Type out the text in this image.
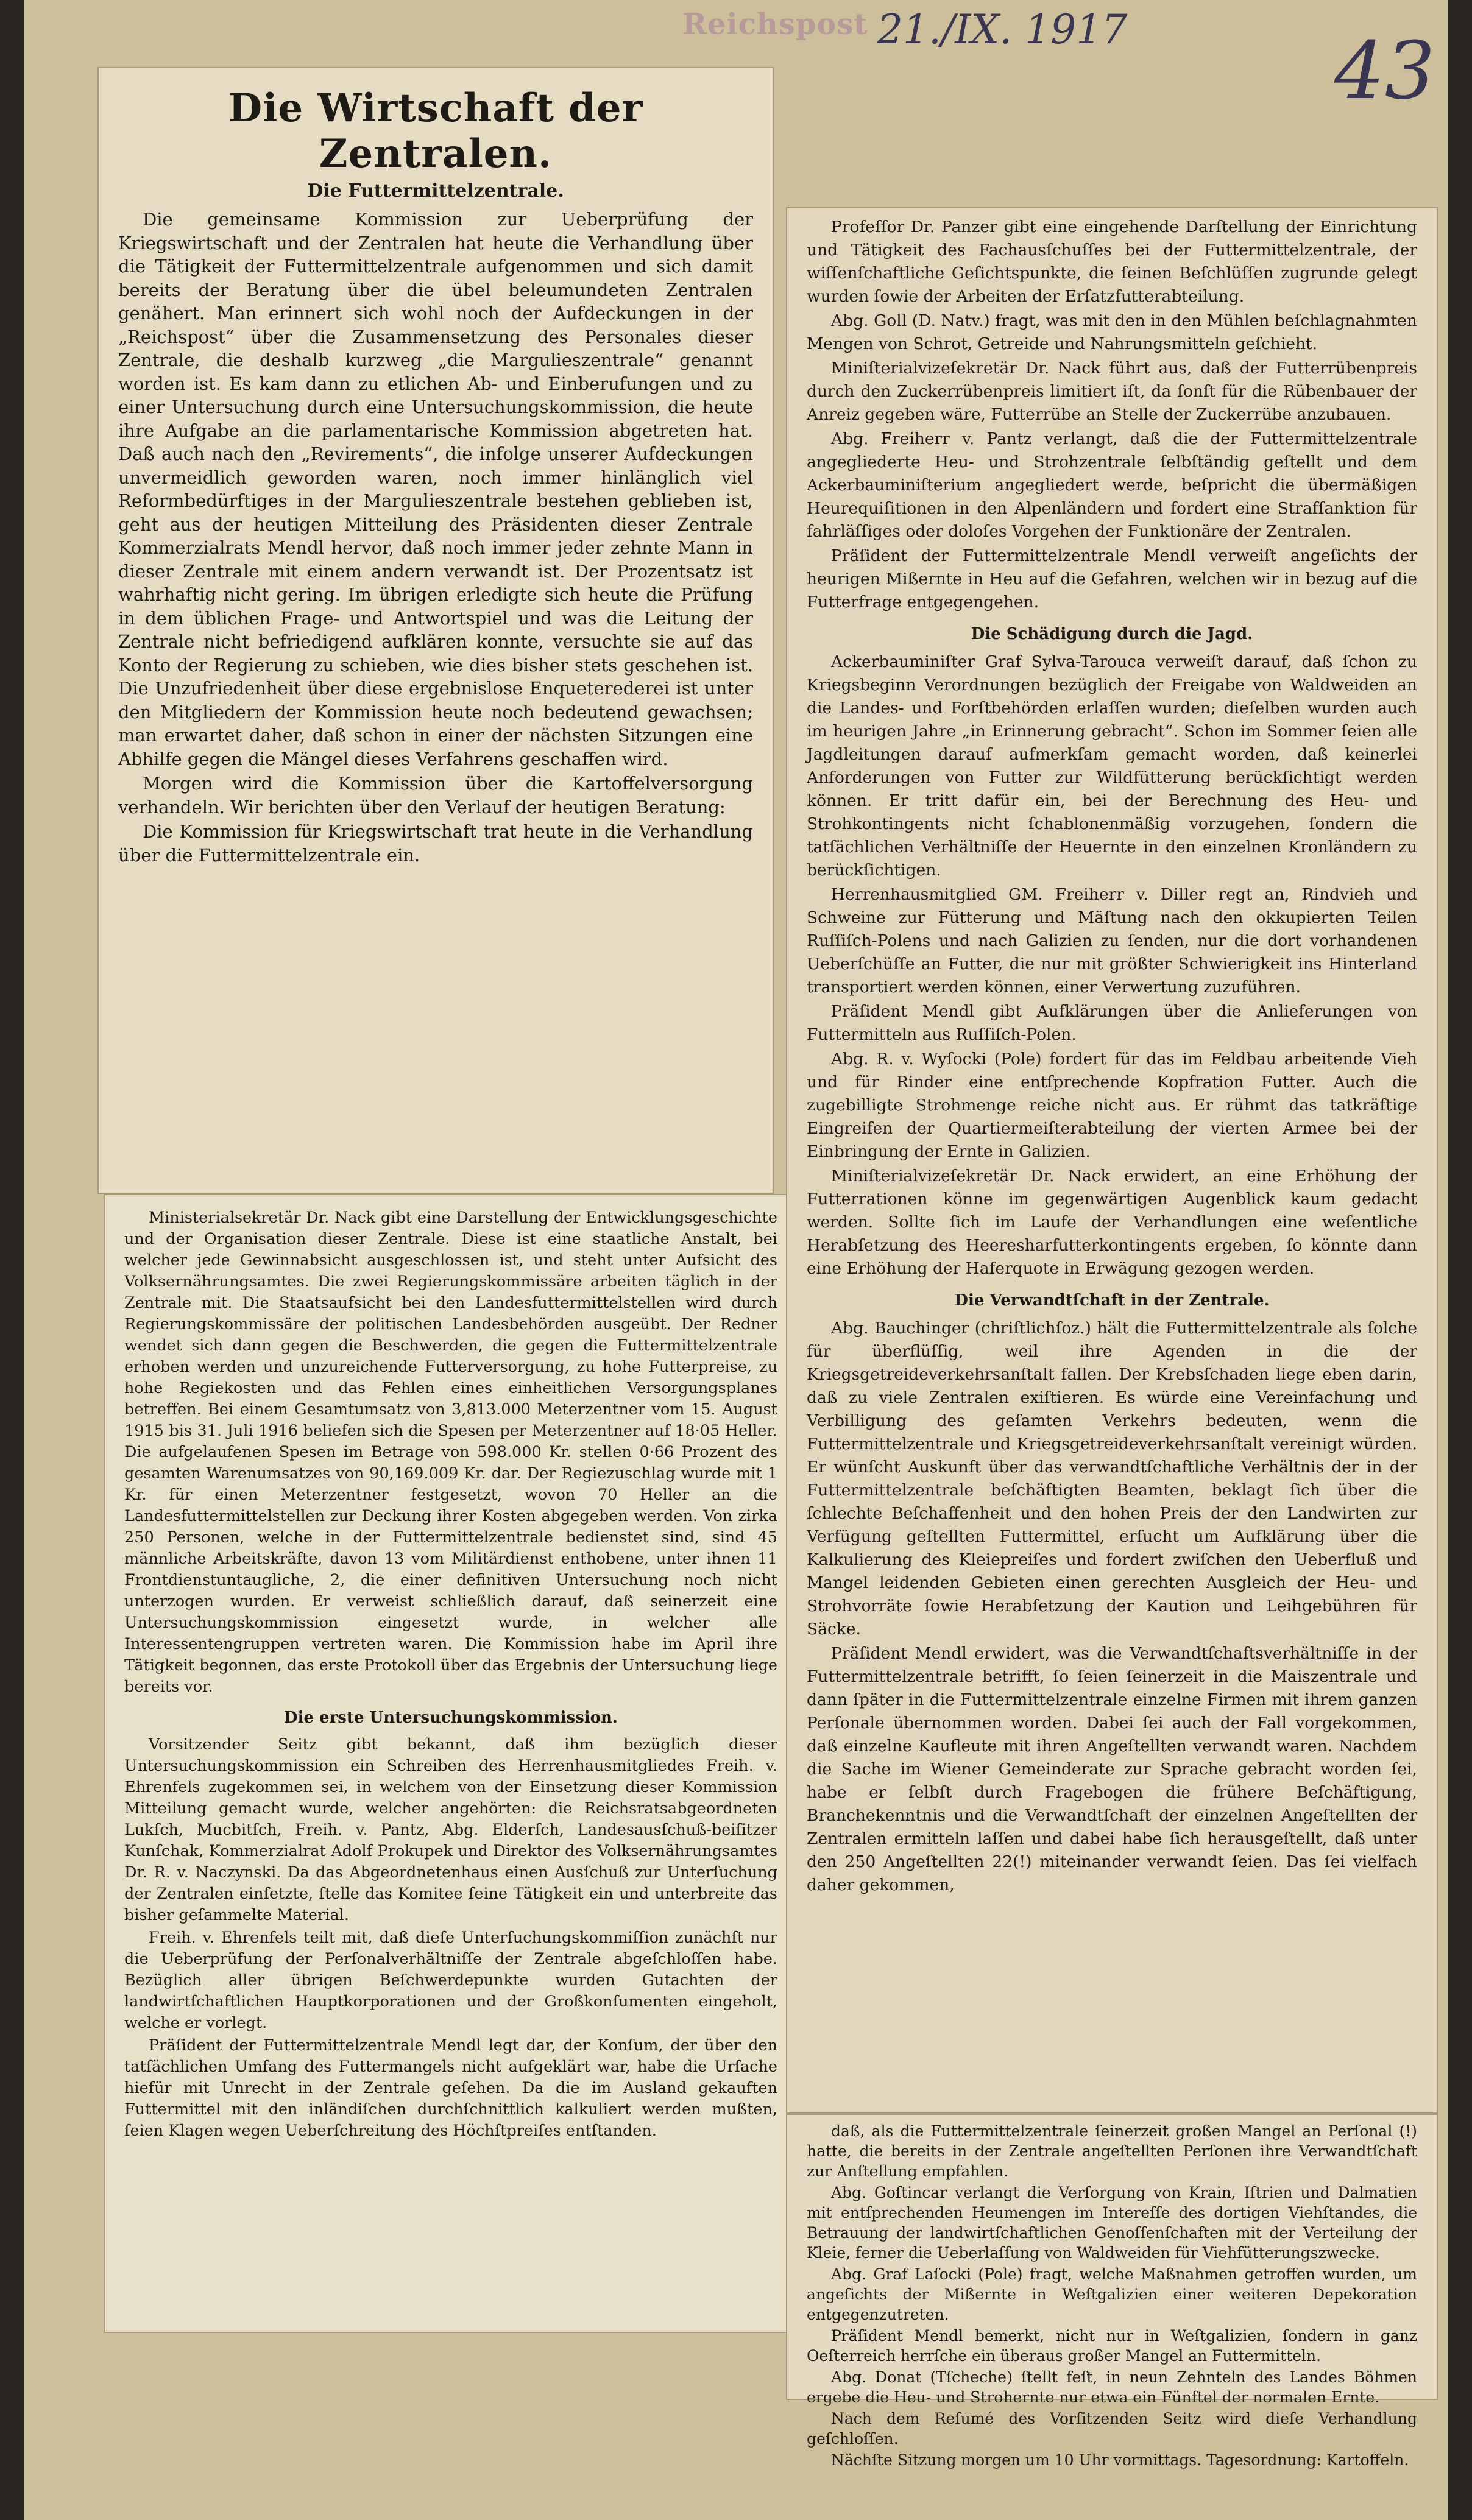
Reichspost 21./IX. 1917	43
Die Wirtschaft der Zentralen.
Die Futtermittelzentrale.

Die gemeinsame Kommission zur Ueberprüfung der Kriegswirtschaft und der Zentralen hat heute die Verhandlung über die Tätigkeit der Futtermittelzentrale aufgenommen und sich damit bereits der Beratung über die übel beleumundeten Zentralen genähert. Man erinnert sich wohl noch der Aufdeckungen in der „Reichspost“ über die Zusammensetzung des Personales dieser Zentrale, die deshalb kurzweg „die Margulieszentrale“ genannt worden ist. Es kam dann zu etlichen Ab- und Einberufungen und zu einer Untersuchung durch eine Untersuchungskommission, die heute ihre Aufgabe an die parlamentarische Kommission abgetreten hat. Daß auch nach den „Revirements“, die infolge unserer Aufdeckungen unvermeidlich geworden waren, noch immer hinlänglich viel Reformbedürftiges in der Margulieszentrale bestehen geblieben ist, geht aus der heutigen Mitteilung des Präsidenten dieser Zentrale Kommerzialrats Mendl hervor, daß noch immer jeder zehnte Mann in dieser Zentrale mit einem andern verwandt ist. Der Prozentsatz ist wahrhaftig nicht gering. Im übrigen erledigte sich heute die Prüfung in dem üblichen Frage- und Antwortspiel und was die Leitung der Zentrale nicht befriedigend aufklären konnte, versuchte sie auf das Konto der Regierung zu schieben, wie dies bisher stets geschehen ist. Die Unzufriedenheit über diese ergebnislose Enqueteredereі ist unter den Mitgliedern der Kommission heute noch bedeutend gewachsen; man erwartet daher, daß schon in einer der nächsten Sitzungen eine Abhilfe gegen die Mängel dieses Verfahrens geschaffen wird.

Morgen wird die Kommission über die Kartoffelversorgung verhandeln. Wir berichten über den Verlauf der heutigen Beratung:

Die Kommission für Kriegswirtschaft trat heute in die Verhandlung über die Futtermittelzentrale ein.

Ministerialsekretär Dr. Nack gibt eine Darstellung der Entwicklungsgeschichte und der Organisation dieser Zentrale. Diese ist eine staatliche Anstalt, bei welcher jede Gewinnabsicht ausgeschlossen ist, und steht unter Aufsicht des Volksernährungsamtes. Die zwei Regierungskommissäre arbeiten täglich in der Zentrale mit. Die Staatsaufsicht bei den Landesfuttermittelstellen wird durch Regierungskommissäre der politischen Landesbehörden ausgeübt. Der Redner wendet sich dann gegen die Beschwerden, die gegen die Futtermittelzentrale erhoben werden und unzureichende Futterversorgung, zu hohe Futterpreise, zu hohe Regiekosten und das Fehlen eines einheitlichen Versorgungsplanes betreffen. Bei einem Gesamtumsatz von 3,813.000 Meterzentner vom 15. August 1915 bis 31. Juli 1916 beliefen sich die Spesen per Meterzentner auf 18·05 Heller. Die aufgelaufenen Spesen im Betrage von 598.000 Kr. stellen 0·66 Prozent des gesamten Warenumsatzes von 90,169.009 Kr. dar. Der Regiezuschlag wurde mit 1 Kr. für einen Meterzentner festgesetzt, wovon 70 Heller an die Landesfuttermittelstellen zur Deckung ihrer Kosten abgegeben werden. Von zirka 250 Personen, welche in der Futtermittelzentrale bedienstet sind, sind 45 männliche Arbeitskräfte, davon 13 vom Militärdienst enthobene, unter ihnen 11 Frontdienstuntaugliche, 2, die einer definitiven Untersuchung noch nicht unterzogen wurden. Er verweist schließlich darauf, daß seinerzeit eine Untersuchungskommission eingesetzt wurde, in welcher alle Interessentengruppen vertreten waren. Die Kommission habe im April ihre Tätigkeit begonnen, das erste Protokoll über das Ergebnis der Untersuchung liege bereits vor.

Die erste Untersuchungskommission.

Vorsitzender Seitz gibt bekannt, daß ihm bezüglich dieser Untersuchungskommission ein Schreiben des Herrenhausmitgliedes Freih. v. Ehrenfels zugekommen sei, in welchem von der Einsetzung dieser Kommission Mitteilung gemacht wurde, welcher angehörten: die Reichsratsabgeordneten Lukſch, Mucbitſch, Freih. v. Pantz, Abg. Elderſch, Landesausſchuß-beiſitzer Kunſchak, Kommerzialrat Adolf Prokupek und Direktor des Volksernährungsamtes Dr. R. v. Naczynski. Da das Abgeordnetenhaus einen Ausſchuß zur Unterſuchung der Zentralen einſetzte, ſtelle das Komitee ſeine Tätigkeit ein und unterbreite das bisher geſammelte Material.

Freih. v. Ehrenfels teilt mit, daß dieſe Unterſuchungskommiſſion zunächſt nur die Ueberprüfung der Perſonalverhältniſſe der Zentrale abgeſchloſſen habe. Bezüglich aller übrigen Beſchwerdepunkte wurden Gutachten der landwirtſchaftlichen Hauptkorporationen und der Großkonſumenten eingeholt, welche er vorlegt.

Präſident der Futtermittelzentrale Mendl legt dar, der Konſum, der über den tatſächlichen Umfang des Futtermangels nicht aufgeklärt war, habe die Urſache hiefür mit Unrecht in der Zentrale geſehen. Da die im Ausland gekauften Futtermittel mit den inländiſchen durchſchnittlich kalkuliert werden mußten, ſeien Klagen wegen Ueberſchreitung des Höchſtpreiſes entſtanden.

Profeſſor Dr. Panzer gibt eine eingehende Darſtellung der Einrichtung und Tätigkeit des Fachausſchuſſes bei der Futtermittelzentrale, der wiſſenſchaftliche Geſichtspunkte, die ſeinen Beſchlüſſen zugrunde gelegt wurden ſowie der Arbeiten der Erſatzfutterabteilung.

Abg. Goll (D. Natv.) fragt, was mit den in den Mühlen beſchlagnahmten Mengen von Schrot, Getreide und Nahrungsmitteln geſchieht.

Miniſterialvizeſekretär Dr. Nack führt aus, daß der Futterrübenpreis durch den Zuckerrübenpreis limitiert iſt, da ſonſt für die Rübenbauer der Anreiz gegeben wäre, Futterrübe an Stelle der Zuckerrübe anzubauen.

Abg. Freiherr v. Pantz verlangt, daß die der Futtermittelzentrale angegliederte Heu- und Strohzentrale ſelbſtändig geſtellt und dem Ackerbauminiſterium angegliedert werde, beſpricht die übermäßigen Heurequiſitionen in den Alpenländern und fordert eine Strafſanktion für fahrläſſiges oder doloſes Vorgehen der Funktionäre der Zentralen.

Präſident der Futtermittelzentrale Mendl verweiſt angeſichts der heurigen Mißernte in Heu auf die Gefahren, welchen wir in bezug auf die Futterfrage entgegengehen.

Die Schädigung durch die Jagd.

Ackerbauminiſter Graf Sylva-Tarouca verweiſt darauf, daß ſchon zu Kriegsbeginn Verordnungen bezüglich der Freigabe von Waldweiden an die Landes- und Forſtbehörden erlaſſen wurden; dieſelben wurden auch im heurigen Jahre „in Erinnerung gebracht“. Schon im Sommer ſeien alle Jagdleitungen darauf aufmerkſam gemacht worden, daß keinerlei Anforderungen von Futter zur Wildfütterung berückſichtigt werden können. Er tritt dafür ein, bei der Berechnung des Heu- und Strohkontingents nicht ſchablonenmäßig vorzugehen, ſondern die tatſächlichen Verhältniſſe der Heuernte in den einzelnen Kronländern zu berückſichtigen.

Herrenhausmitglied GM. Freiherr v. Diller regt an, Rindvieh und Schweine zur Fütterung und Mäſtung nach den okkupierten Teilen Ruſſiſch-Polens und nach Galizien zu ſenden, nur die dort vorhandenen Ueberſchüſſe an Futter, die nur mit größter Schwierigkeit ins Hinterland transportiert werden können, einer Verwertung zuzuführen.

Präſident Mendl gibt Aufklärungen über die Anlieferungen von Futtermitteln aus Ruſſiſch-Polen.

Abg. R. v. Wyſocki (Pole) fordert für das im Feldbau arbeitende Vieh und für Rinder eine entſprechende Kopfration Futter. Auch die zugebilligte Strohmenge reiche nicht aus. Er rühmt das tatkräftige Eingreifen der Quartiermeiſterabteilung der vierten Armee bei der Einbringung der Ernte in Galizien.

Miniſterialvizeſekretär Dr. Nack erwidert, an eine Erhöhung der Futterrationen könne im gegenwärtigen Augenblick kaum gedacht werden. Sollte ſich im Laufe der Verhandlungen eine weſentliche Herabſetzung des Heeresharfutterkontingents ergeben, ſo könnte dann eine Erhöhung der Haferquote in Erwägung gezogen werden.

Die Verwandtſchaft in der Zentrale.

Abg. Bauchinger (chriſtlichſoz.) hält die Futtermittelzentrale als ſolche für überflüſſig, weil ihre Agenden in die der Kriegsgetreideverkehrsanſtalt fallen. Der Krebsſchaden liege eben darin, daß zu viele Zentralen exiſtieren. Es würde eine Vereinfachung und Verbilligung des geſamten Verkehrs bedeuten, wenn die Futtermittelzentrale und Kriegsgetreideverkehrsanſtalt vereinigt würden. Er wünſcht Auskunft über das verwandtſchaftliche Verhältnis der in der Futtermittelzentrale beſchäftigten Beamten, beklagt ſich über die ſchlechte Beſchaffenheit und den hohen Preis der den Landwirten zur Verfügung geſtellten Futtermittel, erſucht um Aufklärung über die Kalkulierung des Kleiepreiſes und fordert zwiſchen den Ueberfluß und Mangel leidenden Gebieten einen gerechten Ausgleich der Heu- und Strohvorräte ſowie Herabſetzung der Kaution und Leihgebühren für Säcke.

Präſident Mendl erwidert, was die Verwandtſchaftsverhältniſſe in der Futtermittelzentrale betrifft, ſo ſeien ſeinerzeit in die Maiszentrale und dann ſpäter in die Futtermittelzentrale einzelne Firmen mit ihrem ganzen Perſonale übernommen worden. Dabei ſei auch der Fall vorgekommen, daß einzelne Kaufleute mit ihren Angeſtellten verwandt waren. Nachdem die Sache im Wiener Gemeinderate zur Sprache gebracht worden ſei, habe er ſelbſt durch Fragebogen die frühere Beſchäftigung, Branchekenntnis und die Verwandtſchaft der einzelnen Angeſtellten der Zentralen ermitteln laſſen und dabei habe ſich herausgeſtellt, daß unter den 250 Angeſtellten 22(!) miteinander verwandt ſeien. Das ſei vielfach daher gekommen,

daß, als die Futtermittelzentrale ſeinerzeit großen Mangel an Perſonal (!) hatte, die bereits in der Zentrale angeſtellten Perſonen ihre Verwandtſchaft zur Anſtellung empfahlen.

Abg. Goſtincar verlangt die Verſorgung von Krain, Iſtrien und Dalmatien mit entſprechenden Heumengen im Intereſſe des dortigen Viehſtandes, die Betrauung der landwirtſchaftlichen Genoſſenſchaften mit der Verteilung der Kleie, ferner die Ueberlaſſung von Waldweiden für Viehfütterungszwecke.

Abg. Graf Laſocki (Pole) fragt, welche Maßnahmen getroffen wurden, um angeſichts der Mißernte in Weſtgalizien einer weiteren Depekoration entgegenzutreten.

Präſident Mendl bemerkt, nicht nur in Weſtgalizien, ſondern in ganz Oeſterreich herrſche ein überaus großer Mangel an Futtermitteln.

Abg. Donat (Tſcheche) ſtellt feſt, in neun Zehnteln des Landes Böhmen ergebe die Heu- und Strohernte nur etwa ein Fünftel der normalen Ernte.

Nach dem Reſumé des Vorſitzenden Seitz wird dieſe Verhandlung geſchloſſen.

Nächſte Sitzung morgen um 10 Uhr vormittags. Tagesordnung: Kartoffeln.
